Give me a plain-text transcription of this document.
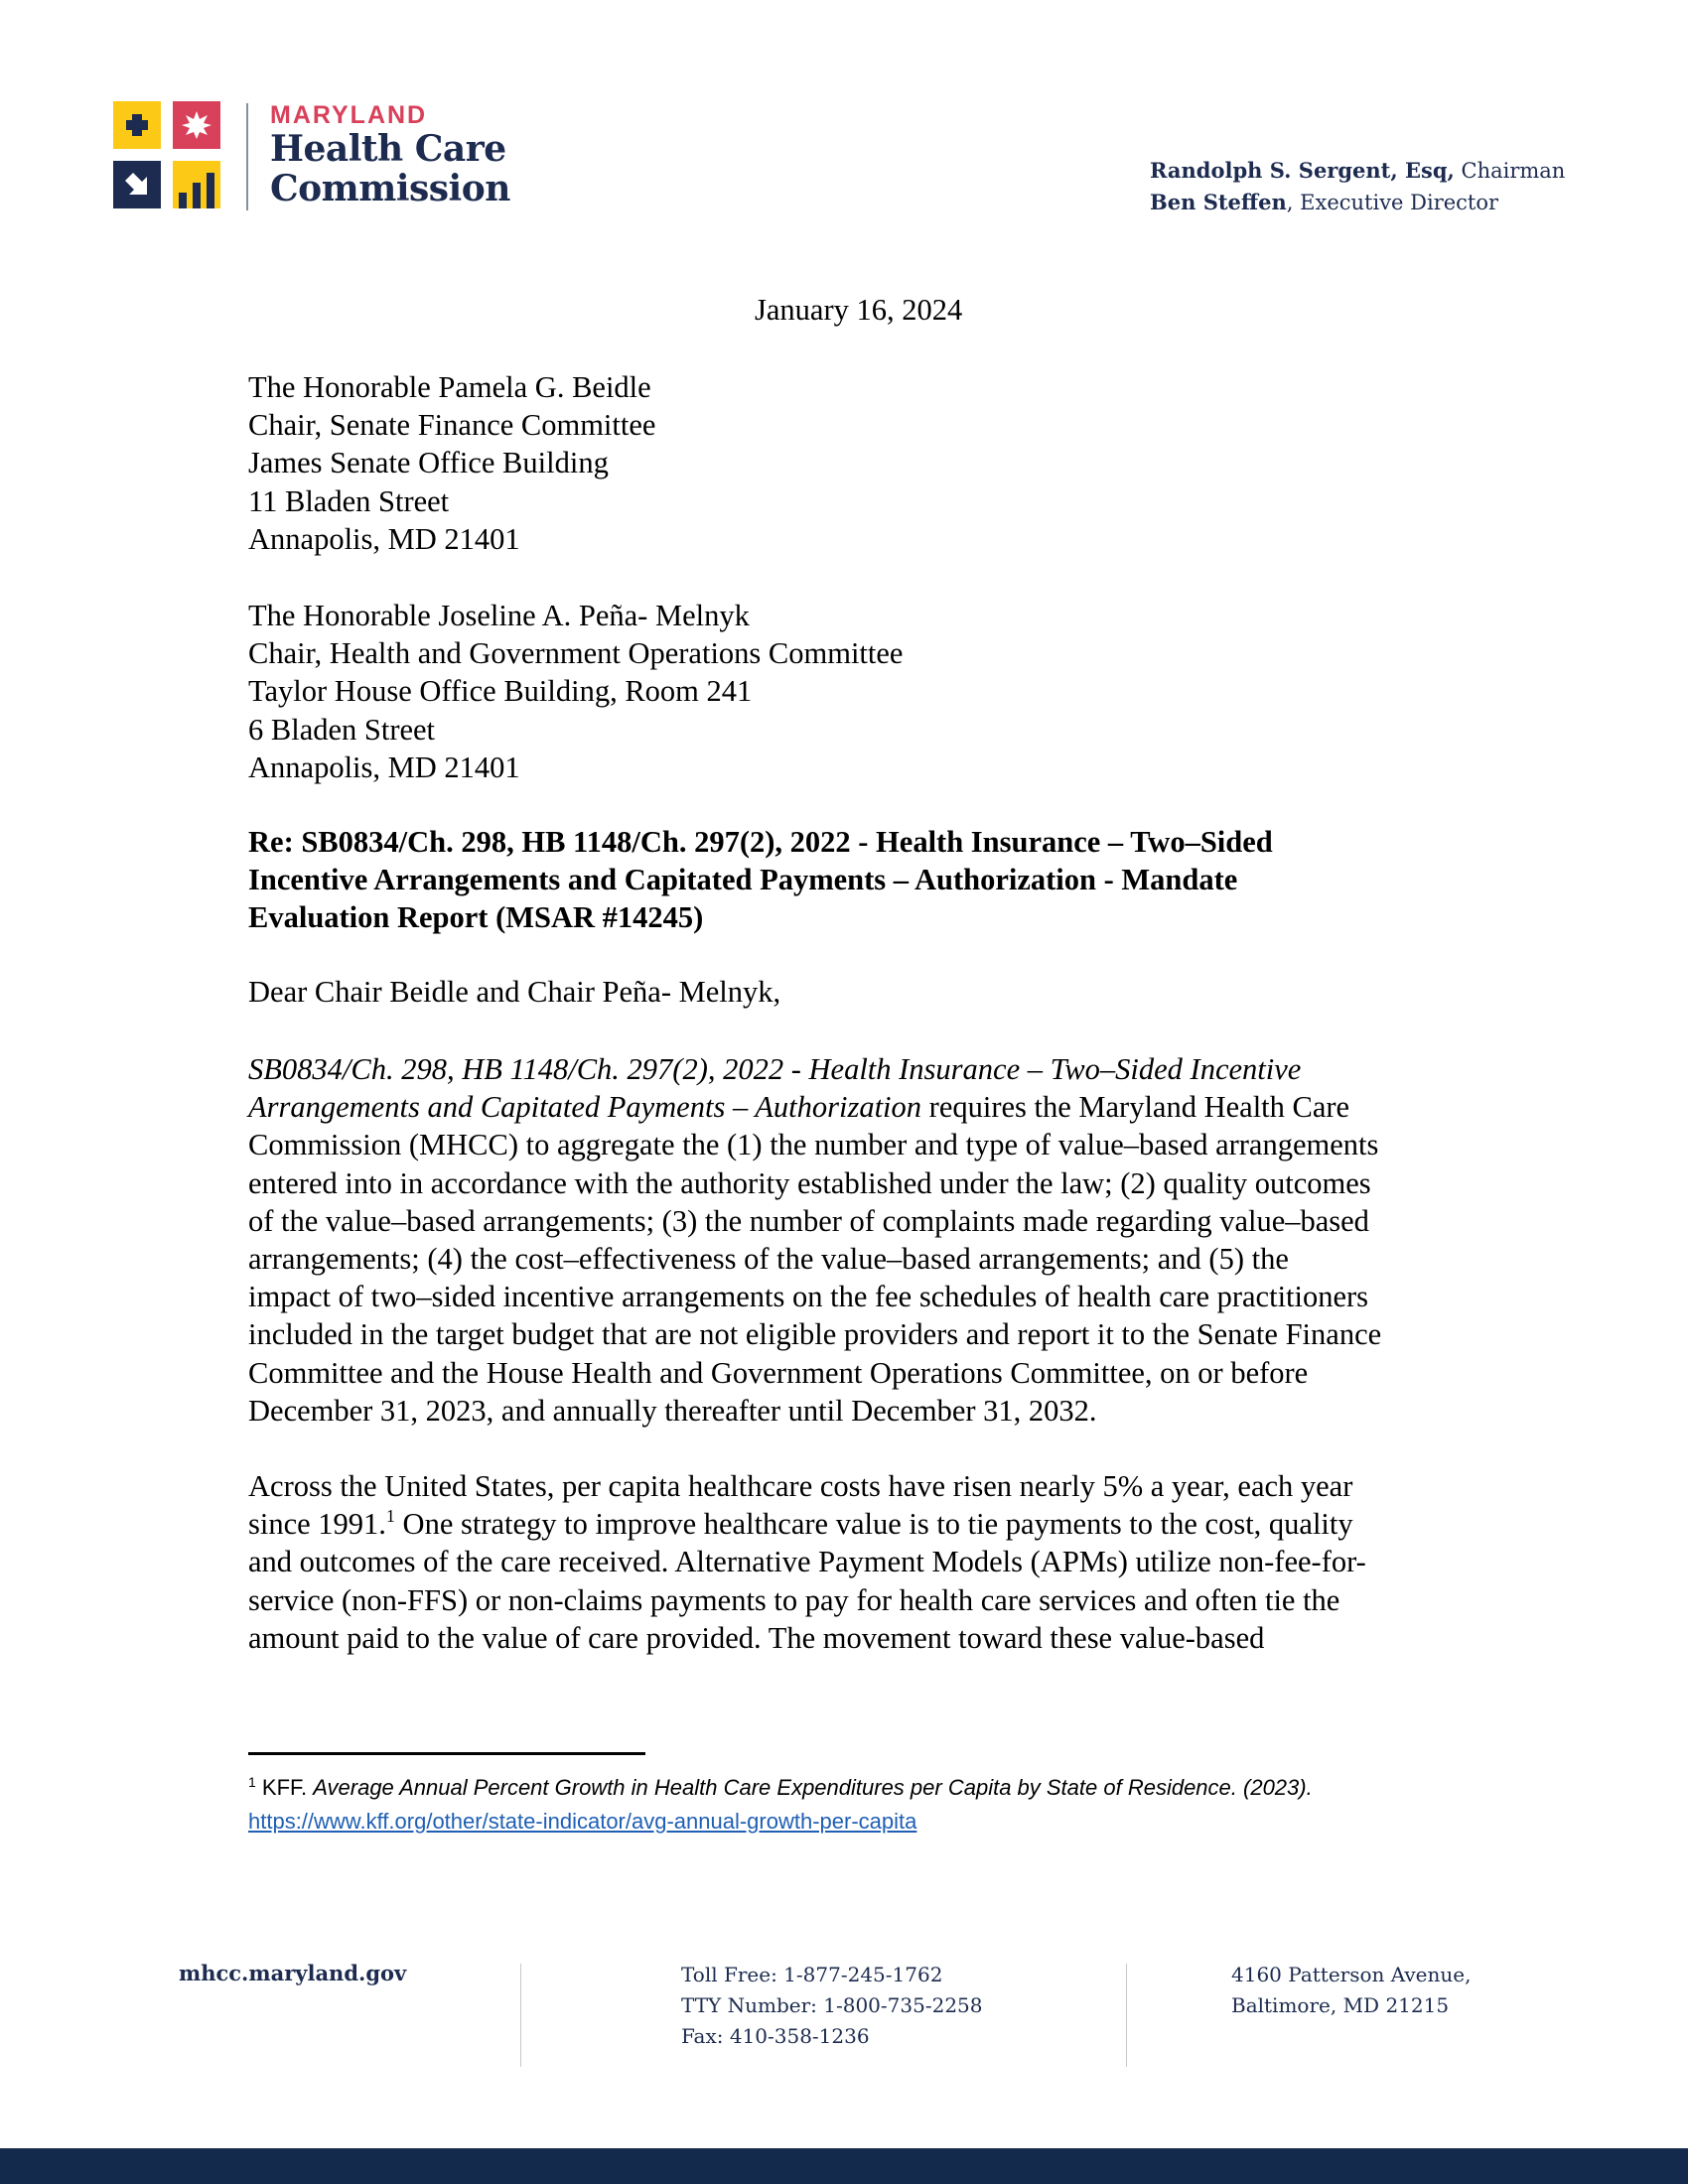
MARYLAND
Health Care
Commission	Randolph S. Sergent, Esq, Chairman
Ben Steffen, Executive Director
January 16, 2024
The Honorable Pamela G. Beidle
Chair, Senate Finance Committee
James Senate Office Building
11 Bladen Street
Annapolis, MD 21401
The Honorable Joseline A. Peña- Melnyk
Chair, Health and Government Operations Committee
Taylor House Office Building, Room 241
6 Bladen Street
Annapolis, MD 21401
Re: SB0834/Ch. 298, HB 1148/Ch. 297(2), 2022 - Health Insurance – Two–Sided
Incentive Arrangements and Capitated Payments – Authorization - Mandate
Evaluation Report (MSAR #14245)
Dear Chair Beidle and Chair Peña- Melnyk,
SB0834/Ch. 298, HB 1148/Ch. 297(2), 2022 - Health Insurance – Two–Sided Incentive
Arrangements and Capitated Payments – Authorization requires the Maryland Health Care
Commission (MHCC) to aggregate the (1) the number and type of value–based arrangements
entered into in accordance with the authority established under the law; (2) quality outcomes
of the value–based arrangements; (3) the number of complaints made regarding value–based
arrangements; (4) the cost–effectiveness of the value–based arrangements; and (5) the
impact of two–sided incentive arrangements on the fee schedules of health care practitioners
included in the target budget that are not eligible providers and report it to the Senate Finance
Committee and the House Health and Government Operations Committee, on or before
December 31, 2023, and annually thereafter until December 31, 2032.
Across the United States, per capita healthcare costs have risen nearly 5% a year, each year
since 1991.$^1$ One strategy to improve healthcare value is to tie payments to the cost, quality
and outcomes of the care received. Alternative Payment Models (APMs) utilize non-fee-for-
service (non-FFS) or non-claims payments to pay for health care services and often tie the
amount paid to the value of care provided. The movement toward these value-based
$^1$ KFF. Average Annual Percent Growth in Health Care Expenditures per Capita by State of Residence. (2023).
https://www.kff.org/other/state-indicator/avg-annual-growth-per-capita
mhcc.maryland.gov	Toll Free: 1-877-245-1762
TTY Number: 1-800-735-2258
Fax: 410-358-1236
4160 Patterson Avenue,
Baltimore, MD 21215
